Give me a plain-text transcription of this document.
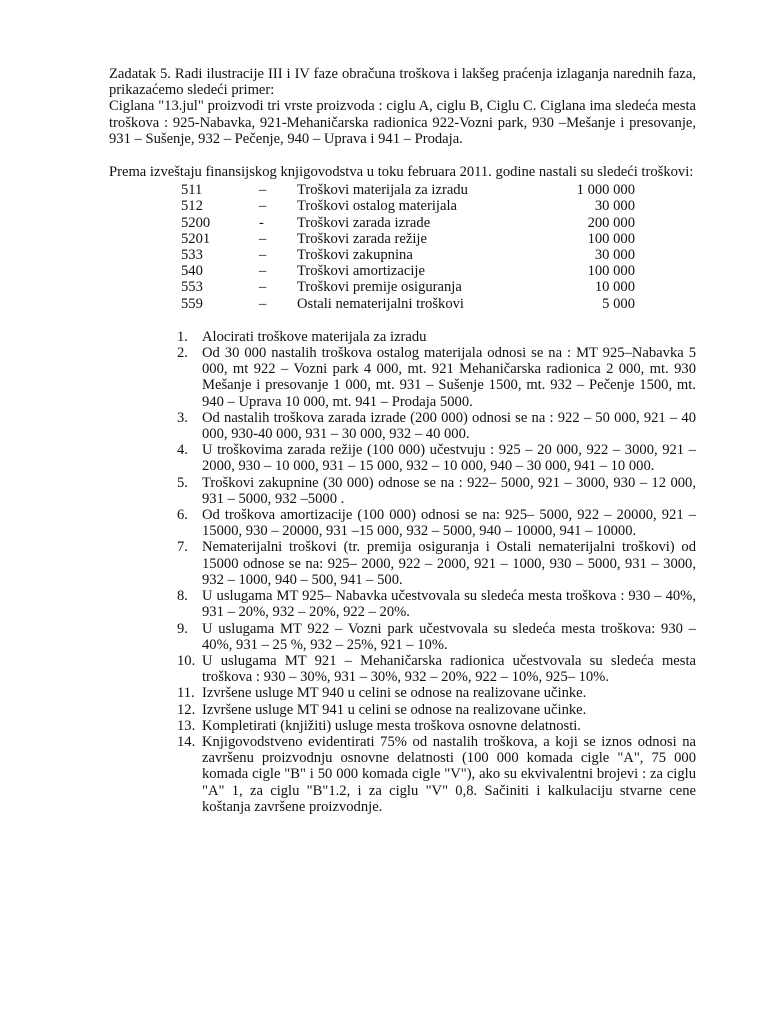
Zadatak 5. Radi ilustracije III i IV faze obračuna troškova i lakšeg praćenja izlaganja narednih faza, prikazaćemo sledeći primer:

Ciglana "13.jul" proizvodi tri vrste proizvoda : ciglu A, ciglu B, Ciglu C. Ciglana ima sledeća mesta troškova : 925-Nabavka, 921-Mehaničarska radionica 922-Vozni park, 930 –Mešanje i presovanje, 931 – Sušenje, 932 – Pečenje, 940 – Uprava i 941 – Prodaja.

Prema izveštaju finansijskog knjigovodstva u toku februara 2011. godine nastali su sledeći troškovi:

511	–	Troškovi materijala za izradu	1 000 000
512	–	Troškovi ostalog materijala	30 000
5200	-	Troškovi zarada izrade	200 000
5201	–	Troškovi zarada režije	100 000
533	–	Troškovi zakupnina	30 000
540	–	Troškovi amortizacije	100 000
553	–	Troškovi premije osiguranja	10 000
559	–	Ostali nematerijalni troškovi	5 000
1. Alocirati troškove materijala za izradu
2. Od 30 000 nastalih troškova ostalog materijala odnosi se na : MT 925–Nabavka 5 000, mt 922 – Vozni park 4 000, mt. 921 Mehaničarska radionica 2 000, mt. 930 Mešanje i presovanje 1 000, mt. 931 – Sušenje 1500, mt. 932 – Pečenje 1500, mt. 940 – Uprava 10 000, mt. 941 – Prodaja 5000.
3. Od nastalih troškova zarada izrade (200 000) odnosi se na : 922 – 50 000, 921 – 40 000, 930-40 000, 931 – 30 000, 932 – 40 000.
4. U troškovima zarada režije (100 000) učestvuju : 925 – 20 000, 922 – 3000, 921 – 2000, 930 – 10 000, 931 – 15 000, 932 – 10 000, 940 – 30 000, 941 – 10 000.
5. Troškovi zakupnine (30 000) odnose se na : 922– 5000, 921 – 3000, 930 – 12 000, 931 – 5000, 932 –5000 .
6. Od troškova amortizacije (100 000) odnosi se na: 925– 5000, 922 – 20000, 921 – 15000, 930 – 20000, 931 –15 000, 932 – 5000, 940 – 10000, 941 – 10000.
7. Nematerijalni troškovi (tr. premija osiguranja i Ostali nematerijalni troškovi) od 15000 odnose se na: 925– 2000, 922 – 2000, 921 – 1000, 930 – 5000, 931 – 3000, 932 – 1000, 940 – 500, 941 – 500.
8. U uslugama MT 925– Nabavka učestvovala su sledeća mesta troškova : 930 – 40%, 931 – 20%, 932 – 20%, 922 – 20%.
9. U uslugama MT 922 – Vozni park učestvovala su sledeća mesta troškova: 930 – 40%, 931 – 25 %, 932 – 25%, 921 – 10%.
10. U uslugama MT 921 – Mehaničarska radionica učestvovala su sledeća mesta troškova : 930 – 30%, 931 – 30%, 932 – 20%, 922 – 10%, 925– 10%.
11. Izvršene usluge MT 940 u celini se odnose na realizovane učinke.
12. Izvršene usluge MT 941 u celini se odnose na realizovane učinke.
13. Kompletirati (knjižiti) usluge mesta troškova osnovne delatnosti.
14. Knjigovodstveno evidentirati 75% od nastalih troškova, a koji se iznos odnosi na završenu proizvodnju osnovne delatnosti (100 000 komada cigle "A", 75 000 komada cigle "B" i 50 000 komada cigle "V"), ako su ekvivalentni brojevi : za ciglu "A" 1, za ciglu "B"1.2, i za ciglu "V" 0,8. Sačiniti i kalkulaciju stvarne cene koštanja završene proizvodnje.
